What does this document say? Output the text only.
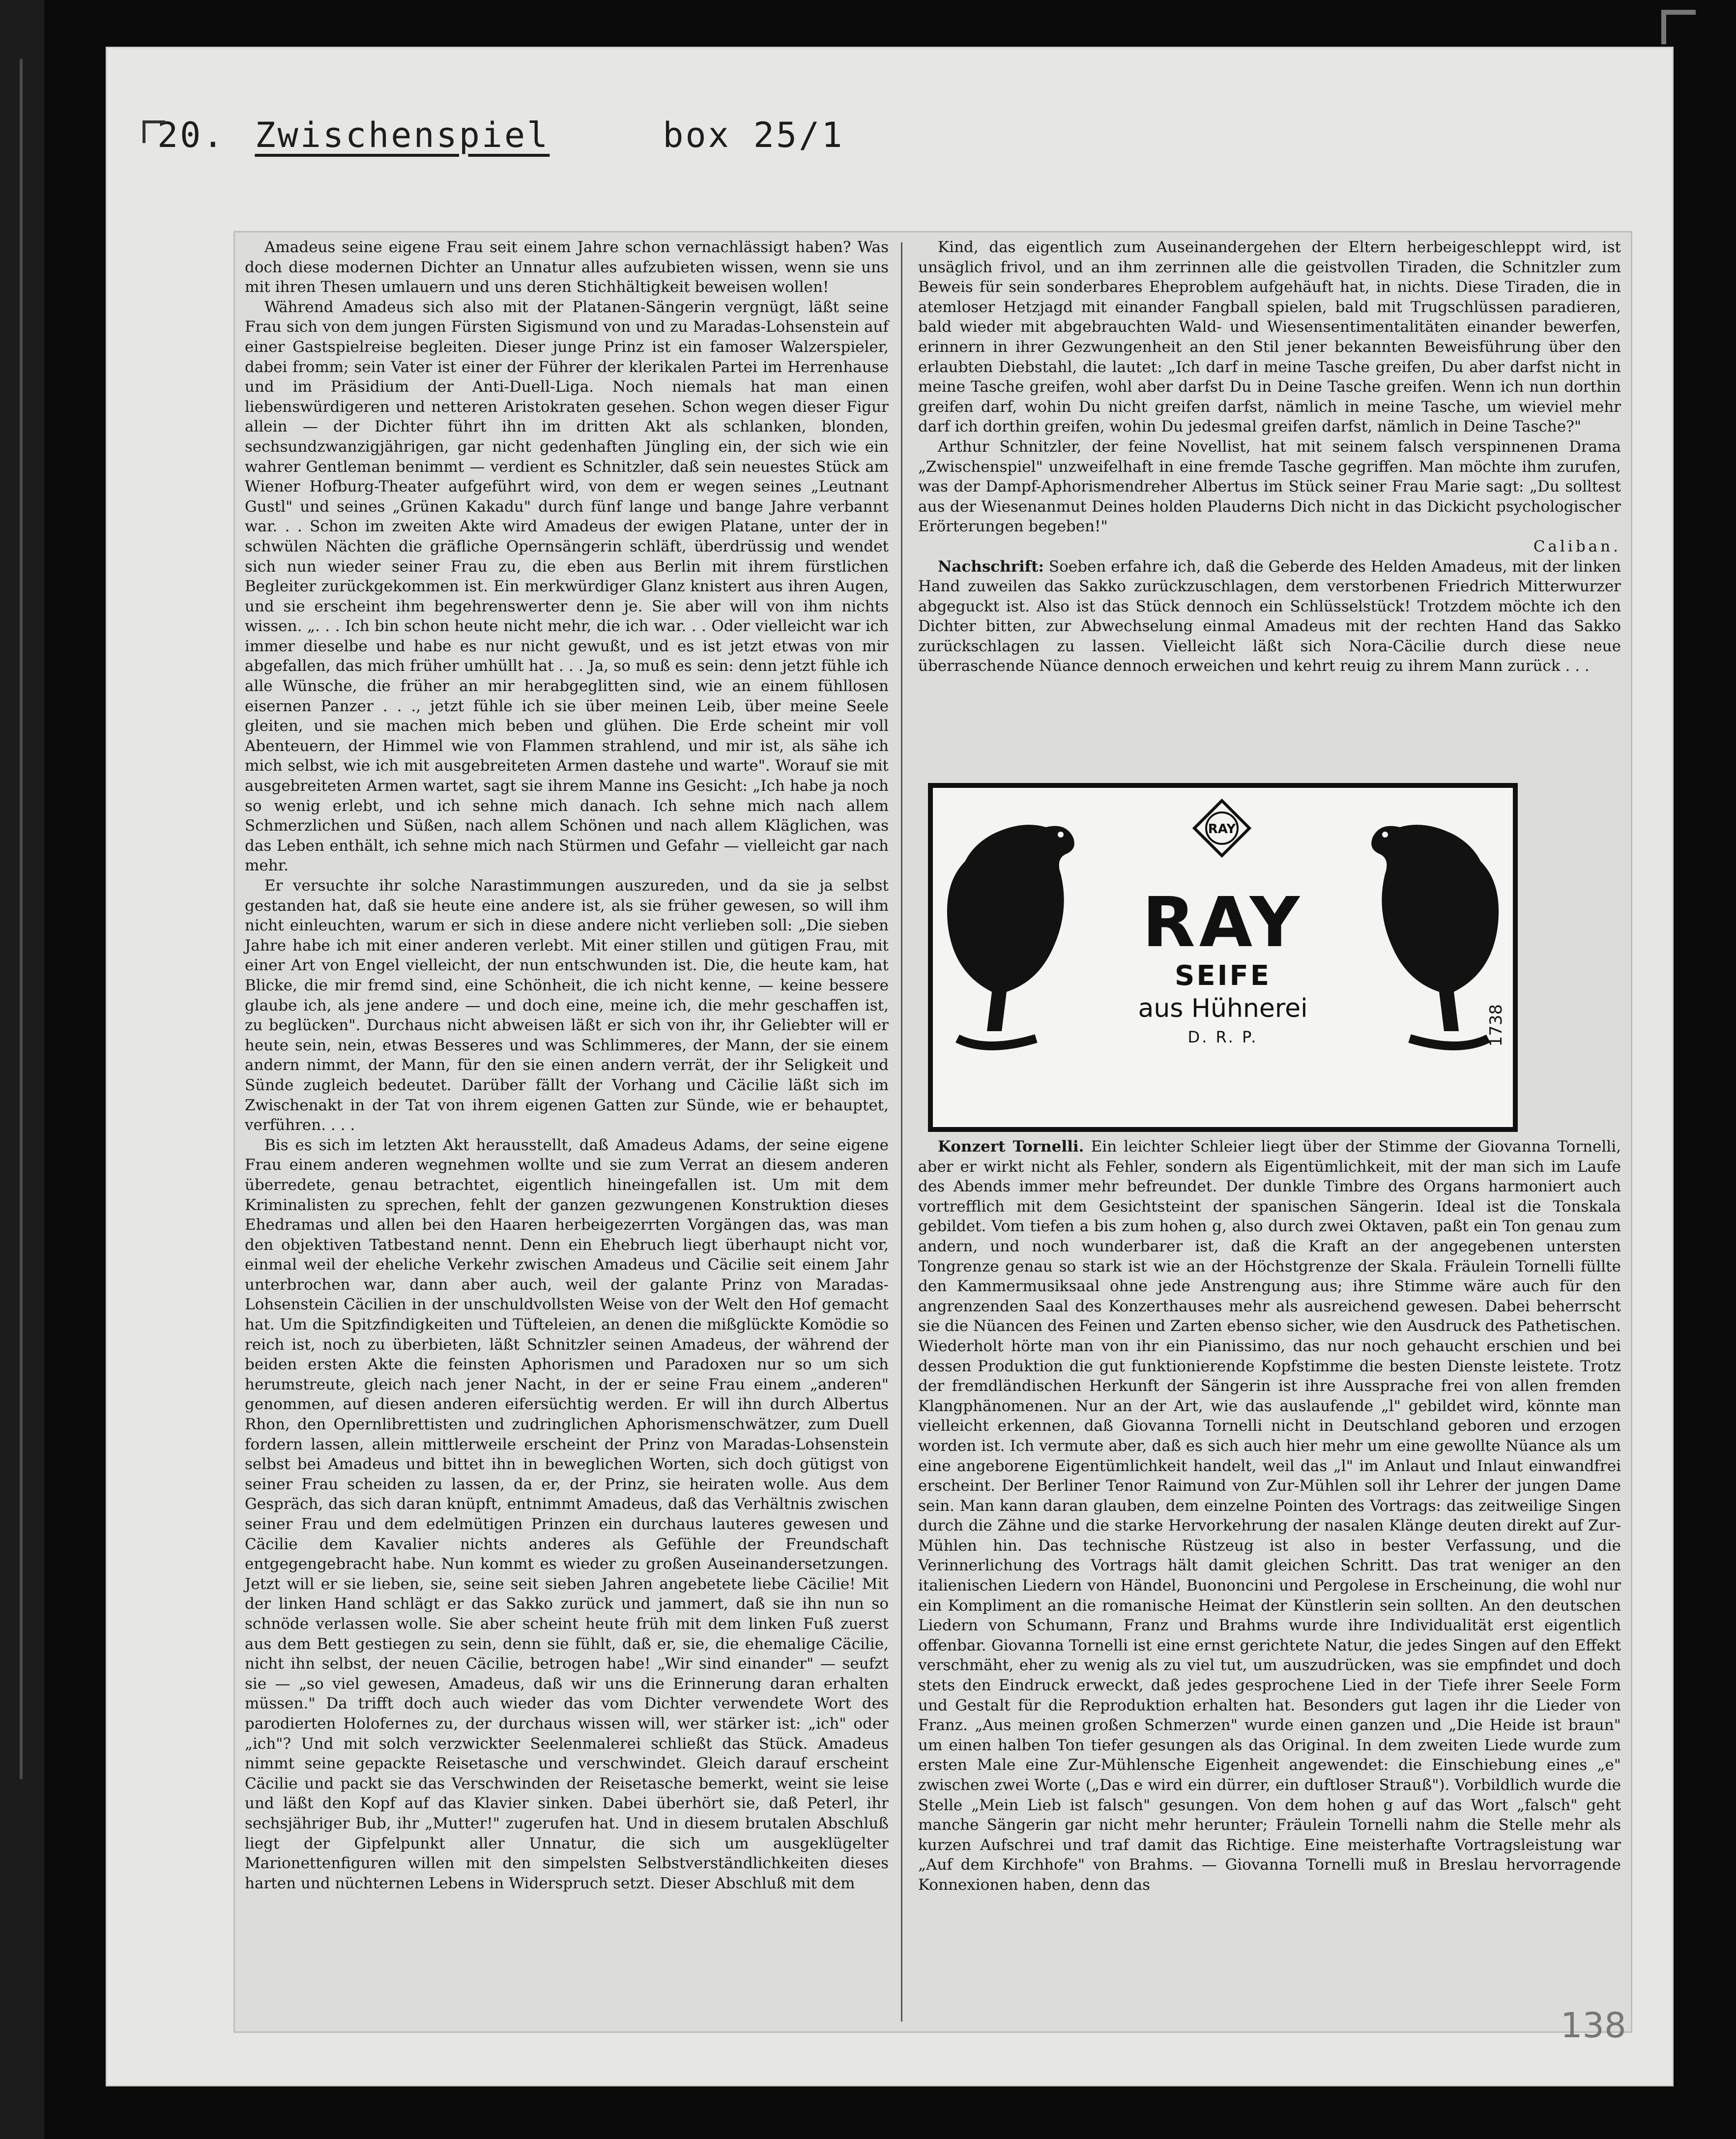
20. Zwischenspiel	box 25/1

Amadeus seine eigene Frau seit einem Jahre schon vernachlässigt haben? Was doch diese modernen Dichter an Unnatur alles aufzubieten wissen, wenn sie uns mit ihren Thesen umlauern und uns deren Stichhältigkeit beweisen wollen!

Während Amadeus sich also mit der Platanen-Sängerin vergnügt, läßt seine Frau sich von dem jungen Fürsten Sigismund von und zu Maradas-Lohsenstein auf einer Gastspielreise begleiten. Dieser junge Prinz ist ein famoser Walzerspieler, dabei fromm; sein Vater ist einer der Führer der klerikalen Partei im Herrenhause und im Präsidium der Anti-Duell-Liga. Noch niemals hat man einen liebenswürdigeren und netteren Aristokraten gesehen. Schon wegen dieser Figur allein — der Dichter führt ihn im dritten Akt als schlanken, blonden, sechsundzwanzigjährigen, gar nicht gedenhaften Jüngling ein, der sich wie ein wahrer Gentleman benimmt — verdient es Schnitzler, daß sein neuestes Stück am Wiener Hofburg-Theater aufgeführt wird, von dem er wegen seines „Leutnant Gustl" und seines „Grünen Kakadu" durch fünf lange und bange Jahre verbannt war. . . Schon im zweiten Akte wird Amadeus der ewigen Platane, unter der in schwülen Nächten die gräfliche Opernsängerin schläft, überdrüssig und wendet sich nun wieder seiner Frau zu, die eben aus Berlin mit ihrem fürstlichen Begleiter zurückgekommen ist. Ein merkwürdiger Glanz knistert aus ihren Augen, und sie erscheint ihm begehrenswerter denn je. Sie aber will von ihm nichts wissen. „. . . Ich bin schon heute nicht mehr, die ich war. . . Oder vielleicht war ich immer dieselbe und habe es nur nicht gewußt, und es ist jetzt etwas von mir abgefallen, das mich früher umhüllt hat . . . Ja, so muß es sein: denn jetzt fühle ich alle Wünsche, die früher an mir herabgeglitten sind, wie an einem fühllosen eisernen Panzer . . ., jetzt fühle ich sie über meinen Leib, über meine Seele gleiten, und sie machen mich beben und glühen. Die Erde scheint mir voll Abenteuern, der Himmel wie von Flammen strahlend, und mir ist, als sähe ich mich selbst, wie ich mit ausgebreiteten Armen dastehe und warte". Worauf sie mit ausgebreiteten Armen wartet, sagt sie ihrem Manne ins Gesicht: „Ich habe ja noch so wenig erlebt, und ich sehne mich danach. Ich sehne mich nach allem Schmerzlichen und Süßen, nach allem Schönen und nach allem Kläglichen, was das Leben enthält, ich sehne mich nach Stürmen und Gefahr — vielleicht gar nach mehr.

Er versuchte ihr solche Narastimmungen auszureden, und da sie ja selbst gestanden hat, daß sie heute eine andere ist, als sie früher gewesen, so will ihm nicht einleuchten, warum er sich in diese andere nicht verlieben soll: „Die sieben Jahre habe ich mit einer anderen verlebt. Mit einer stillen und gütigen Frau, mit einer Art von Engel vielleicht, der nun entschwunden ist. Die, die heute kam, hat Blicke, die mir fremd sind, eine Schönheit, die ich nicht kenne, — keine bessere glaube ich, als jene andere — und doch eine, meine ich, die mehr geschaffen ist, zu beglücken". Durchaus nicht abweisen läßt er sich von ihr, ihr Geliebter will er heute sein, nein, etwas Besseres und was Schlimmeres, der Mann, der sie einem andern nimmt, der Mann, für den sie einen andern verrät, der ihr Seligkeit und Sünde zugleich bedeutet. Darüber fällt der Vorhang und Cäcilie läßt sich im Zwischenakt in der Tat von ihrem eigenen Gatten zur Sünde, wie er behauptet, verführen. . . .

Bis es sich im letzten Akt herausstellt, daß Amadeus Adams, der seine eigene Frau einem anderen wegnehmen wollte und sie zum Verrat an diesem anderen überredete, genau betrachtet, eigentlich hineingefallen ist. Um mit dem Kriminalisten zu sprechen, fehlt der ganzen gezwungenen Konstruktion dieses Ehedramas und allen bei den Haaren herbeigezerrten Vorgängen das, was man den objektiven Tatbestand nennt. Denn ein Ehebruch liegt überhaupt nicht vor, einmal weil der eheliche Verkehr zwischen Amadeus und Cäcilie seit einem Jahr unterbrochen war, dann aber auch, weil der galante Prinz von Maradas-Lohsenstein Cäcilien in der unschuldvollsten Weise von der Welt den Hof gemacht hat. Um die Spitzfindigkeiten und Tüfteleien, an denen die mißglückte Komödie so reich ist, noch zu überbieten, läßt Schnitzler seinen Amadeus, der während der beiden ersten Akte die feinsten Aphorismen und Paradoxen nur so um sich herumstreute, gleich nach jener Nacht, in der er seine Frau einem „anderen" genommen, auf diesen anderen eifersüchtig werden. Er will ihn durch Albertus Rhon, den Opernlibrettisten und zudringlichen Aphorismenschwätzer, zum Duell fordern lassen, allein mittlerweile erscheint der Prinz von Maradas-Lohsenstein selbst bei Amadeus und bittet ihn in beweglichen Worten, sich doch gütigst von seiner Frau scheiden zu lassen, da er, der Prinz, sie heiraten wolle. Aus dem Gespräch, das sich daran knüpft, entnimmt Amadeus, daß das Verhältnis zwischen seiner Frau und dem edelmütigen Prinzen ein durchaus lauteres gewesen und Cäcilie dem Kavalier nichts anderes als Gefühle der Freundschaft entgegengebracht habe. Nun kommt es wieder zu großen Auseinandersetzungen. Jetzt will er sie lieben, sie, seine seit sieben Jahren angebetete liebe Cäcilie! Mit der linken Hand schlägt er das Sakko zurück und jammert, daß sie ihn nun so schnöde verlassen wolle. Sie aber scheint heute früh mit dem linken Fuß zuerst aus dem Bett gestiegen zu sein, denn sie fühlt, daß er, sie, die ehemalige Cäcilie, nicht ihn selbst, der neuen Cäcilie, betrogen habe! „Wir sind einander" — seufzt sie — „so viel gewesen, Amadeus, daß wir uns die Erinnerung daran erhalten müssen." Da trifft doch auch wieder das vom Dichter verwendete Wort des parodierten Holofernes zu, der durchaus wissen will, wer stärker ist: „ich" oder „ich"? Und mit solch verzwickter Seelenmalerei schließt das Stück. Amadeus nimmt seine gepackte Reisetasche und verschwindet. Gleich darauf erscheint Cäcilie und packt sie das Verschwinden der Reisetasche bemerkt, weint sie leise und läßt den Kopf auf das Klavier sinken. Dabei überhört sie, daß Peterl, ihr sechsjähriger Bub, ihr „Mutter!" zugerufen hat. Und in diesem brutalen Abschluß liegt der Gipfelpunkt aller Unnatur, die sich um ausgeklügelter Marionettenfiguren willen mit den simpelsten Selbstverständlichkeiten dieses harten und nüchternen Lebens in Widerspruch setzt. Dieser Abschluß mit dem

Kind, das eigentlich zum Auseinandergehen der Eltern herbeigeschleppt wird, ist unsäglich frivol, und an ihm zerrinnen alle die geistvollen Tiraden, die Schnitzler zum Beweis für sein sonderbares Eheproblem aufgehäuft hat, in nichts. Diese Tiraden, die in atemloser Hetzjagd mit einander Fangball spielen, bald mit Trugschlüssen paradieren, bald wieder mit abgebrauchten Wald- und Wiesensentimentalitäten einander bewerfen, erinnern in ihrer Gezwungenheit an den Stil jener bekannten Beweisführung über den erlaubten Diebstahl, die lautet: „Ich darf in meine Tasche greifen, Du aber darfst nicht in meine Tasche greifen, wohl aber darfst Du in Deine Tasche greifen. Wenn ich nun dorthin greifen darf, wohin Du nicht greifen darfst, nämlich in meine Tasche, um wieviel mehr darf ich dorthin greifen, wohin Du jedesmal greifen darfst, nämlich in Deine Tasche?"

Arthur Schnitzler, der feine Novellist, hat mit seinem falsch verspinnenen Drama „Zwischenspiel" unzweifelhaft in eine fremde Tasche gegriffen. Man möchte ihm zurufen, was der Dampf-Aphorismendreher Albertus im Stück seiner Frau Marie sagt: „Du solltest aus der Wiesenanmut Deines holden Plauderns Dich nicht in das Dickicht psychologischer Erörterungen begeben!"

Caliban.

Nachschrift: Soeben erfahre ich, daß die Geberde des Helden Amadeus, mit der linken Hand zuweilen das Sakko zurückzuschlagen, dem verstorbenen Friedrich Mitterwurzer abgeguckt ist. Also ist das Stück dennoch ein Schlüsselstück! Trotzdem möchte ich den Dichter bitten, zur Abwechselung einmal Amadeus mit der rechten Hand das Sakko zurückschlagen zu lassen. Vielleicht läßt sich Nora-Cäcilie durch diese neue überraschende Nüance dennoch erweichen und kehrt reuig zu ihrem Mann zurück . . .

RAY
RAY
SEIFE
aus Hühnerei
D. R. P.	1738

Konzert Tornelli. Ein leichter Schleier liegt über der Stimme der Giovanna Tornelli, aber er wirkt nicht als Fehler, sondern als Eigentümlichkeit, mit der man sich im Laufe des Abends immer mehr befreundet. Der dunkle Timbre des Organs harmoniert auch vortrefflich mit dem Gesichtsteint der spanischen Sängerin. Ideal ist die Tonskala gebildet. Vom tiefen a bis zum hohen g, also durch zwei Oktaven, paßt ein Ton genau zum andern, und noch wunderbarer ist, daß die Kraft an der angegebenen untersten Tongrenze genau so stark ist wie an der Höchstgrenze der Skala. Fräulein Tornelli füllte den Kammermusiksaal ohne jede Anstrengung aus; ihre Stimme wäre auch für den angrenzenden Saal des Konzerthauses mehr als ausreichend gewesen. Dabei beherrscht sie die Nüancen des Feinen und Zarten ebenso sicher, wie den Ausdruck des Pathetischen. Wiederholt hörte man von ihr ein Pianissimo, das nur noch gehaucht erschien und bei dessen Produktion die gut funktionierende Kopfstimme die besten Dienste leistete. Trotz der fremdländischen Herkunft der Sängerin ist ihre Aussprache frei von allen fremden Klangphänomenen. Nur an der Art, wie das auslaufende „l" gebildet wird, könnte man vielleicht erkennen, daß Giovanna Tornelli nicht in Deutschland geboren und erzogen worden ist. Ich vermute aber, daß es sich auch hier mehr um eine gewollte Nüance als um eine angeborene Eigentümlichkeit handelt, weil das „l" im Anlaut und Inlaut einwandfrei erscheint. Der Berliner Tenor Raimund von Zur-Mühlen soll ihr Lehrer der jungen Dame sein. Man kann daran glauben, dem einzelne Pointen des Vortrags: das zeitweilige Singen durch die Zähne und die starke Hervorkehrung der nasalen Klänge deuten direkt auf Zur-Mühlen hin. Das technische Rüstzeug ist also in bester Verfassung, und die Verinnerlichung des Vortrags hält damit gleichen Schritt. Das trat weniger an den italienischen Liedern von Händel, Buononcini und Pergolese in Erscheinung, die wohl nur ein Kompliment an die romanische Heimat der Künstlerin sein sollten. An den deutschen Liedern von Schumann, Franz und Brahms wurde ihre Individualität erst eigentlich offenbar. Giovanna Tornelli ist eine ernst gerichtete Natur, die jedes Singen auf den Effekt verschmäht, eher zu wenig als zu viel tut, um auszudrücken, was sie empfindet und doch stets den Eindruck erweckt, daß jedes gesprochene Lied in der Tiefe ihrer Seele Form und Gestalt für die Reproduktion erhalten hat. Besonders gut lagen ihr die Lieder von Franz. „Aus meinen großen Schmerzen" wurde einen ganzen und „Die Heide ist braun" um einen halben Ton tiefer gesungen als das Original. In dem zweiten Liede wurde zum ersten Male eine Zur-Mühlensche Eigenheit angewendet: die Einschiebung eines „e" zwischen zwei Worte („Das e wird ein dürrer, ein duftloser Strauß"). Vorbildlich wurde die Stelle „Mein Lieb ist falsch" gesungen. Von dem hohen g auf das Wort „falsch" geht manche Sängerin gar nicht mehr herunter; Fräulein Tornelli nahm die Stelle mehr als kurzen Aufschrei und traf damit das Richtige. Eine meisterhafte Vortragsleistung war „Auf dem Kirchhofe" von Brahms. — Giovanna Tornelli muß in Breslau hervorragende Konnexionen haben, denn das

138
